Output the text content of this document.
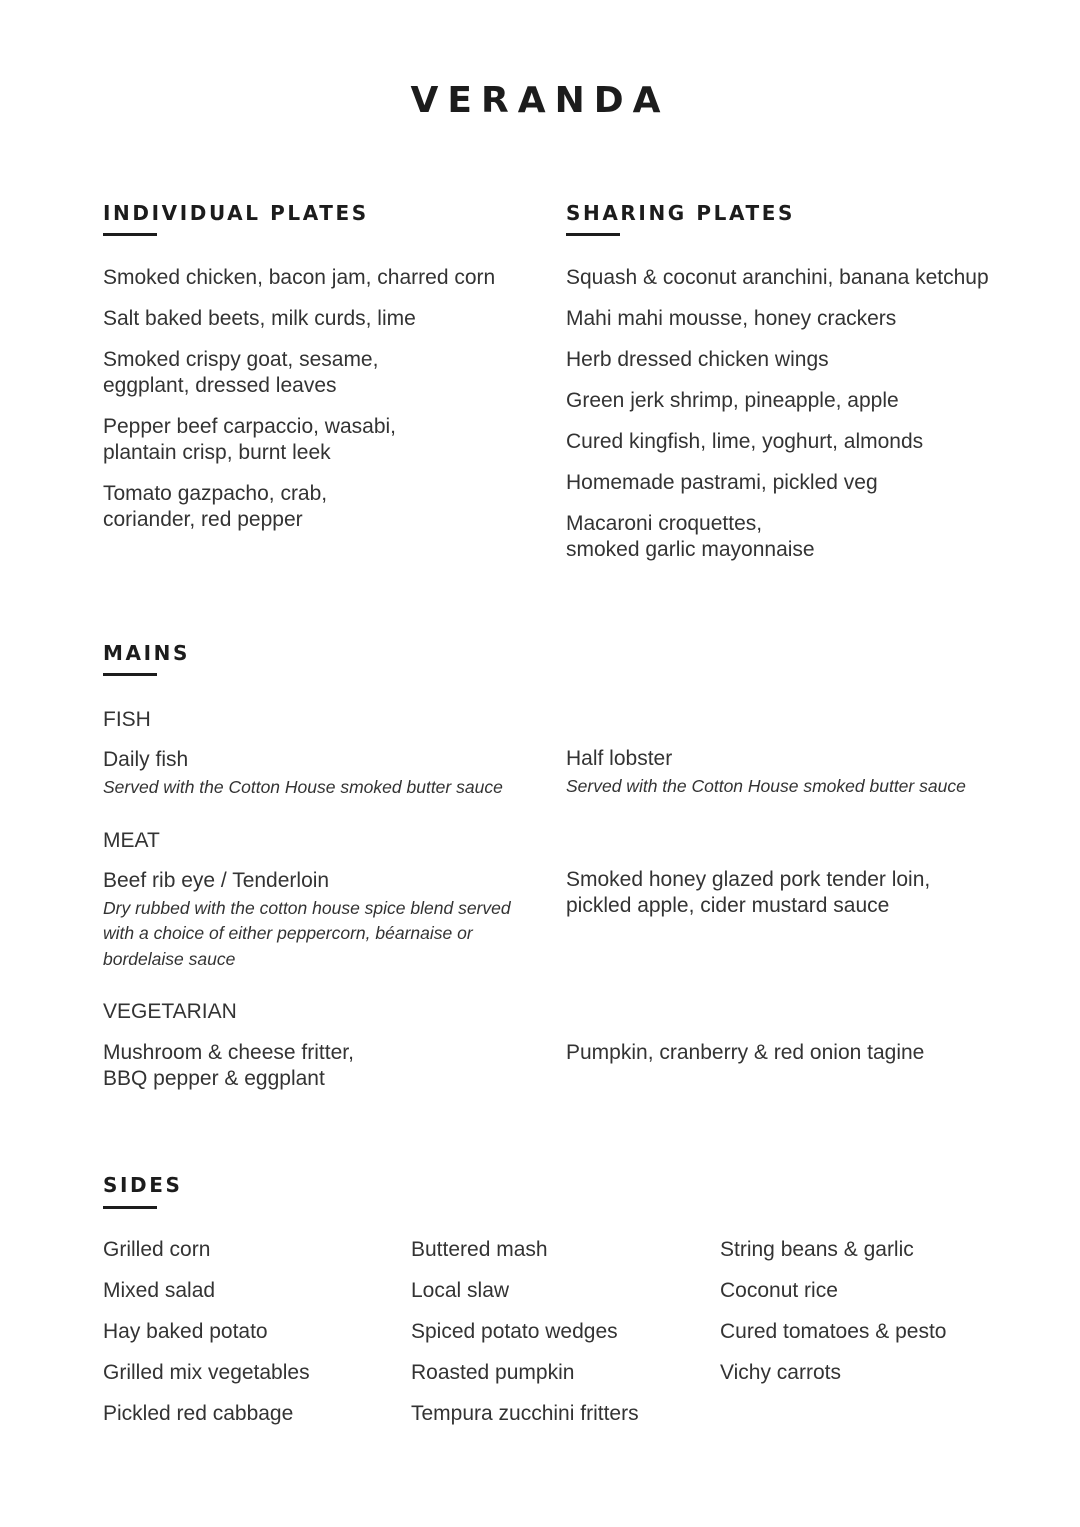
VERANDA
INDIVIDUAL PLATES
Smoked chicken, bacon jam, charred corn
Salt baked beets, milk curds, lime
Smoked crispy goat, sesame,
eggplant, dressed leaves
Pepper beef carpaccio, wasabi,
plantain crisp, burnt leek
Tomato gazpacho, crab,
coriander, red pepper
SHARING PLATES
Squash & coconut aranchini, banana ketchup
Mahi mahi mousse, honey crackers
Herb dressed chicken wings
Green jerk shrimp, pineapple, apple
Cured kingfish, lime, yoghurt, almonds
Homemade pastrami, pickled veg
Macaroni croquettes,
smoked garlic mayonnaise
MAINS
FISH
Daily fish
Served with the Cotton House smoked butter sauce
Half lobster
Served with the Cotton House smoked butter sauce
MEAT
Beef rib eye / Tenderloin
Dry rubbed with the cotton house spice blend served
with a choice of either peppercorn, béarnaise or
bordelaise sauce
Smoked honey glazed pork tender loin,
pickled apple, cider mustard sauce
VEGETARIAN
Mushroom & cheese fritter,
BBQ pepper & eggplant
Pumpkin, cranberry & red onion tagine
SIDES
Grilled corn
Mixed salad
Hay baked potato
Grilled mix vegetables
Pickled red cabbage
Buttered mash
Local slaw
Spiced potato wedges
Roasted pumpkin
Tempura zucchini fritters
String beans & garlic
Coconut rice
Cured tomatoes & pesto
Vichy carrots
